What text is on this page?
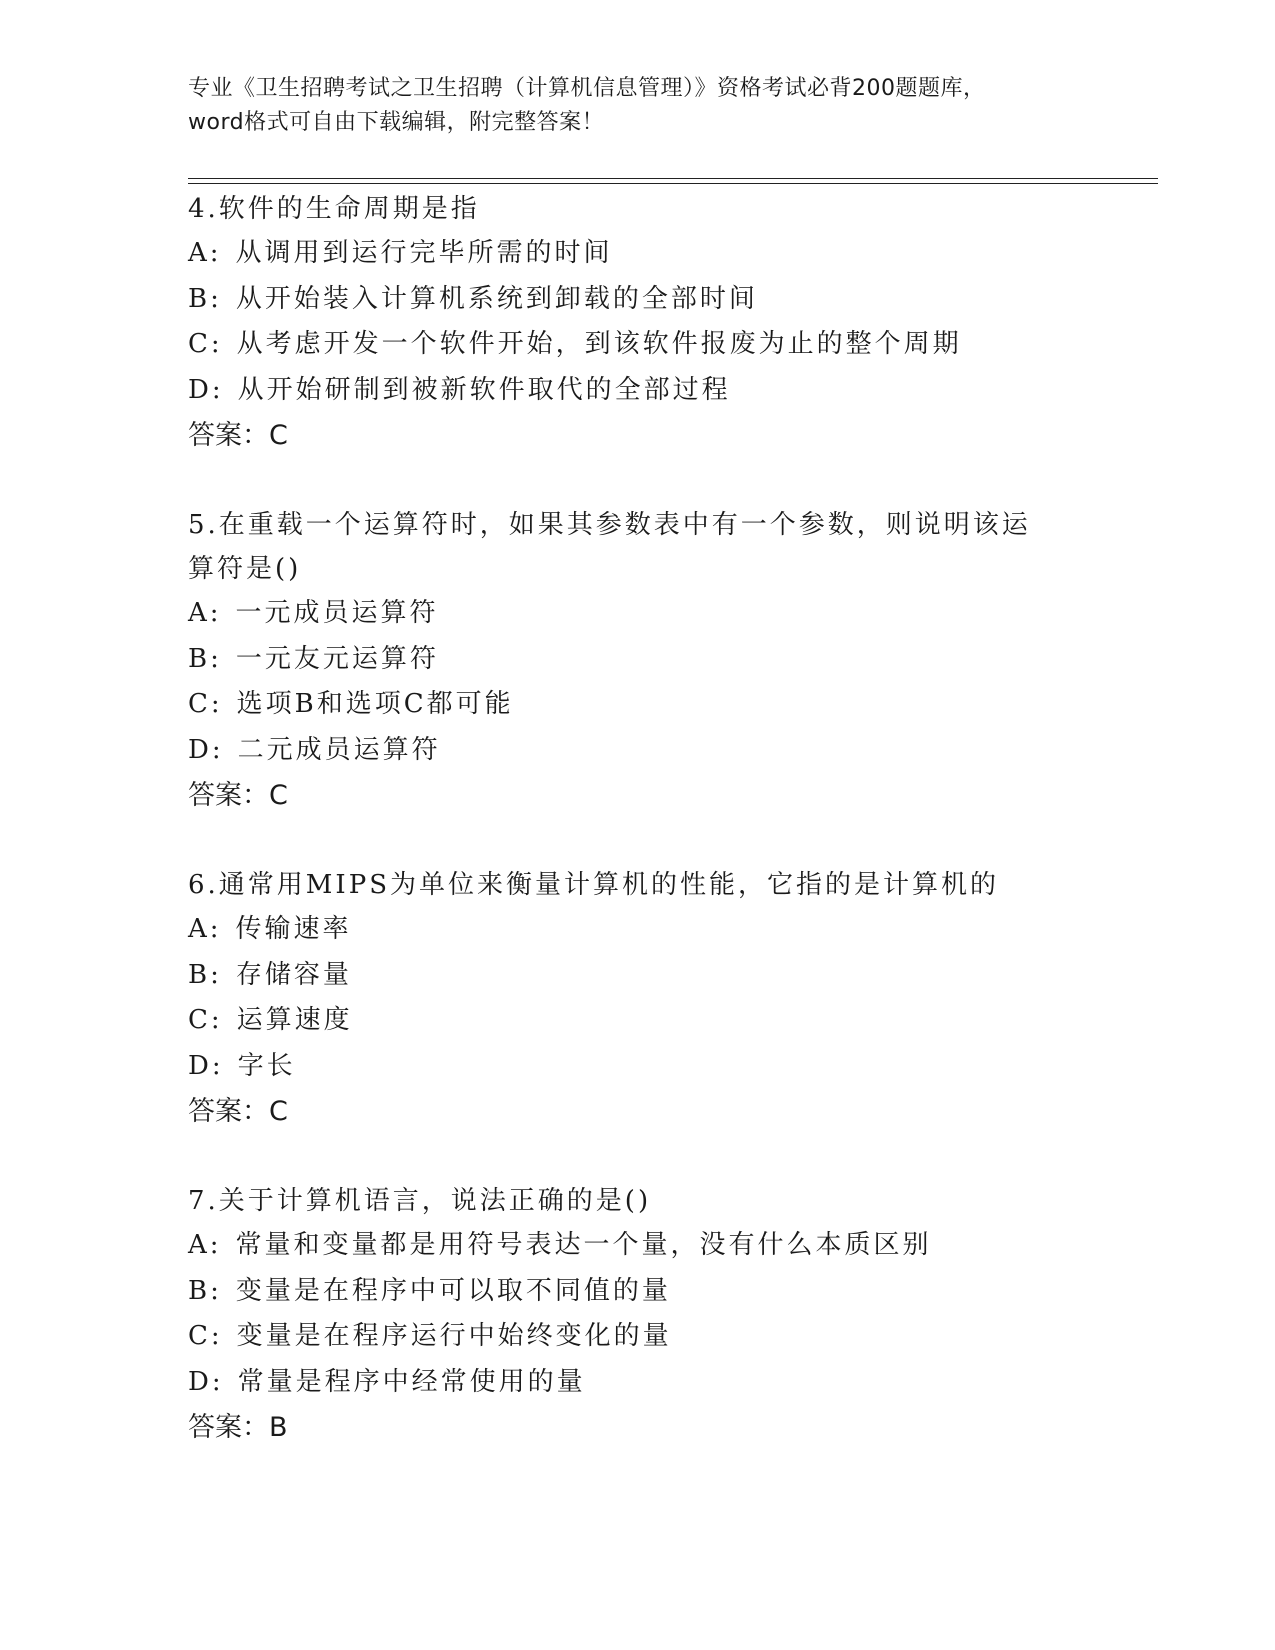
专业《卫生招聘考试之卫生招聘（计算机信息管理）》资格考试必背200题题库，
word格式可自由下载编辑，附完整答案！

4.软件的生命周期是指

A: 从调用到运行完毕所需的时间

B: 从开始装入计算机系统到卸载的全部时间

C: 从考虑开发一个软件开始，到该软件报废为止的整个周期

D: 从开始研制到被新软件取代的全部过程

答案：C

5.在重载一个运算符时，如果其参数表中有一个参数，则说明该运算符是()

A: 一元成员运算符

B: 一元友元运算符

C: 选项B和选项C都可能

D: 二元成员运算符

答案：C

6.通常用MIPS为单位来衡量计算机的性能，它指的是计算机的

A: 传输速率

B: 存储容量

C: 运算速度

D: 字长

答案：C

7.关于计算机语言，说法正确的是()

A: 常量和变量都是用符号表达一个量，没有什么本质区别

B: 变量是在程序中可以取不同值的量

C: 变量是在程序运行中始终变化的量

D: 常量是程序中经常使用的量

答案：B
